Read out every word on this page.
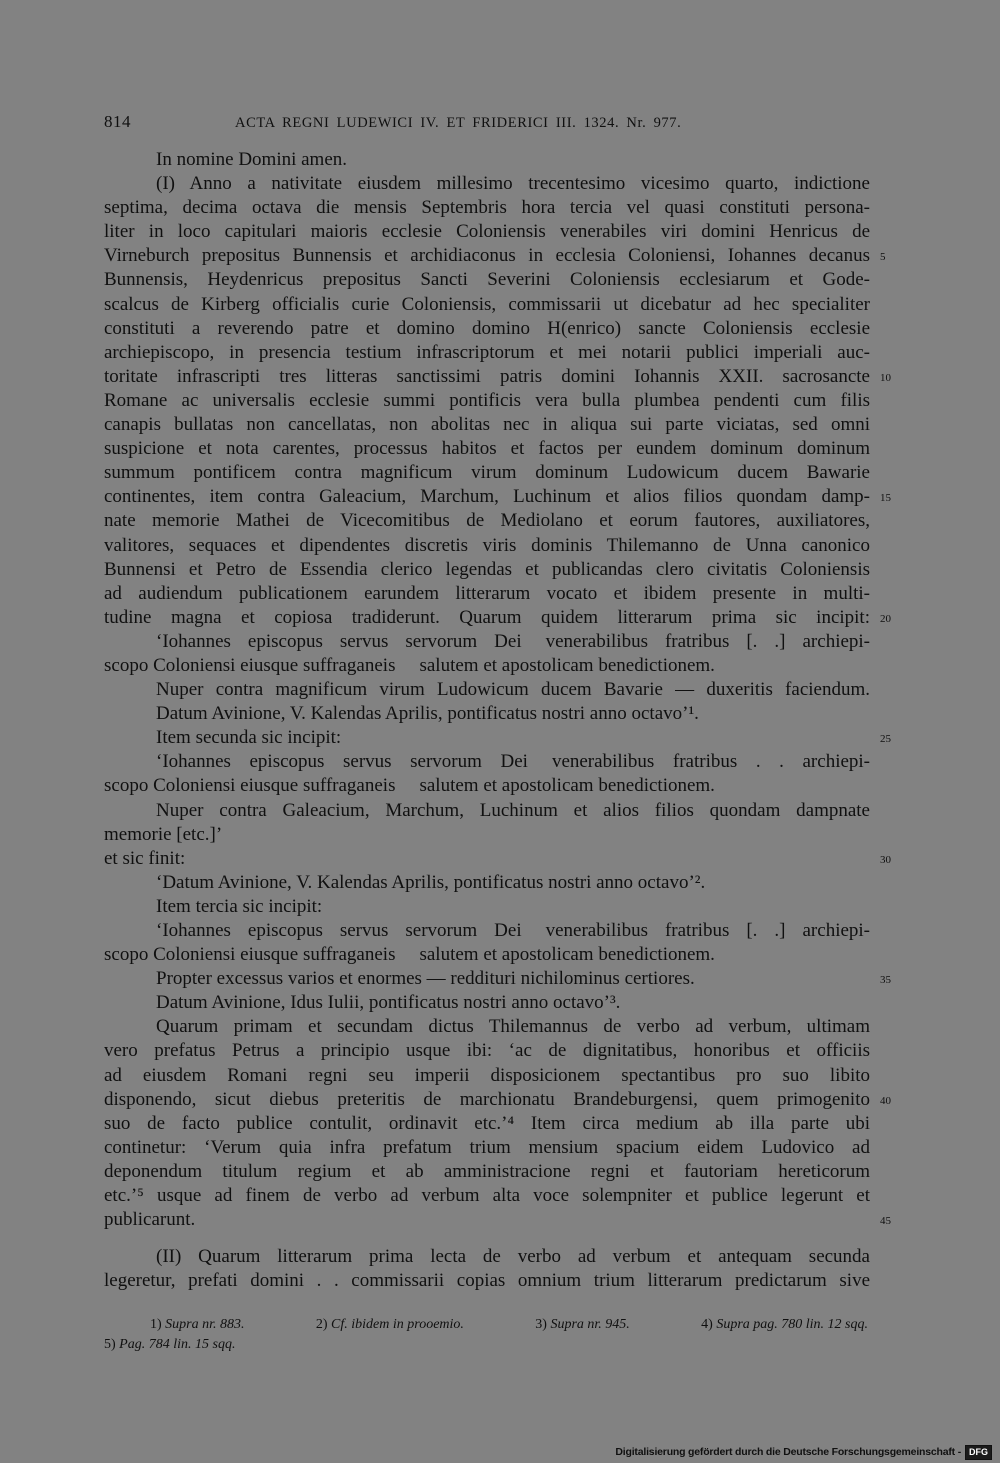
814	ACTA REGNI LUDEWICI IV. ET FRIDERICI III. 1324. Nr. 977.
In nomine Domini amen.
(I) Anno a nativitate eiusdem millesimo trecentesimo vicesimo quarto, indictione
septima, decima octava die mensis Septembris hora tercia vel quasi constituti persona-
liter in loco capitulari maioris ecclesie Coloniensis venerabiles viri domini Henricus de
Virneburch prepositus Bunnensis et archidiaconus in ecclesia Coloniensi, Iohannes decanus 5
Bunnensis, Heydenricus prepositus Sancti Severini Coloniensis ecclesiarum et Gode-
scalcus de Kirberg officialis curie Coloniensis, commissarii ut dicebatur ad hec specialiter
constituti a reverendo patre et domino domino H(enrico) sancte Coloniensis ecclesie
archiepiscopo, in presencia testium infrascriptorum et mei notarii publici imperiali auc-
toritate infrascripti tres litteras sanctissimi patris domini Iohannis XXII. sacrosancte 10
Romane ac universalis ecclesie summi pontificis vera bulla plumbea pendenti cum filis
canapis bullatas non cancellatas, non abolitas nec in aliqua sui parte viciatas, sed omni
suspicione et nota carentes, processus habitos et factos per eundem dominum dominum
summum pontificem contra magnificum virum dominum Ludowicum ducem Bawarie
continentes, item contra Galeacium, Marchum, Luchinum et alios filios quondam damp- 15
nate memorie Mathei de Vicecomitibus de Mediolano et eorum fautores, auxiliatores,
valitores, sequaces et dipendentes discretis viris dominis Thilemanno de Unna canonico
Bunnensi et Petro de Essendia clerico legendas et publicandas clero civitatis Coloniensis
ad audiendum publicationem earundem litterarum vocato et ibidem presente in multi-
tudine magna et copiosa tradiderunt. Quarum quidem litterarum prima sic incipit: 20
‘Iohannes episcopus servus servorum Dei venerabilibus fratribus [. .] archiepi-
scopo Coloniensi eiusque suffraganeis salutem et apostolicam benedictionem.
Nuper contra magnificum virum Ludowicum ducem Bavarie — duxeritis faciendum.
Datum Avinione, V. Kalendas Aprilis, pontificatus nostri anno octavo’¹.
Item secunda sic incipit:	25
‘Iohannes episcopus servus servorum Dei venerabilibus fratribus . . archiepi-
scopo Coloniensi eiusque suffraganeis salutem et apostolicam benedictionem.
Nuper contra Galeacium, Marchum, Luchinum et alios filios quondam dampnate
memorie [etc.]’
et sic finit:	30
‘Datum Avinione, V. Kalendas Aprilis, pontificatus nostri anno octavo’².
Item tercia sic incipit:
‘Iohannes episcopus servus servorum Dei venerabilibus fratribus [. .] archiepi-
scopo Coloniensi eiusque suffraganeis salutem et apostolicam benedictionem.
Propter excessus varios et enormes — reddituri nichilominus certiores.	35
Datum Avinione, Idus Iulii, pontificatus nostri anno octavo’³.
Quarum primam et secundam dictus Thilemannus de verbo ad verbum, ultimam
vero prefatus Petrus a principio usque ibi: ‘ac de dignitatibus, honoribus et officiis
ad eiusdem Romani regni seu imperii disposicionem spectantibus pro suo libito
disponendo, sicut diebus preteritis de marchionatu Brandeburgensi, quem primogenito 40
suo de facto publice contulit, ordinavit etc.’⁴ Item circa medium ab illa parte ubi
continetur: ‘Verum quia infra prefatum trium mensium spacium eidem Ludovico ad
deponendum titulum regium et ab amministracione regni et fautoriam hereticorum
etc.’⁵ usque ad finem de verbo ad verbum alta voce solempniter et publice legerunt et
publicarunt.	45
(II) Quarum litterarum prima lecta de verbo ad verbum et antequam secunda
legeretur, prefati domini . . commissarii copias omnium trium litterarum predictarum sive
1) Supra nr. 883.	2) Cf. ibidem in prooemio.	3) Supra nr. 945.	4) Supra pag. 780 lin. 12 sqq.
5) Pag. 784 lin. 15 sqq.
Digitalisierung gefördert durch die Deutsche Forschungsgemeinschaft - DFG
